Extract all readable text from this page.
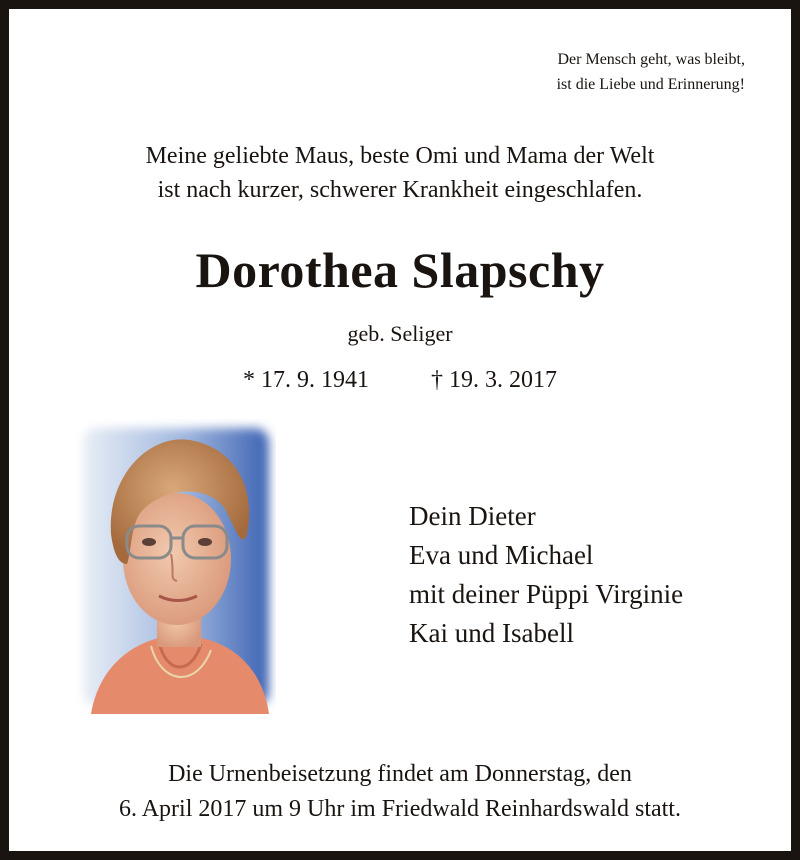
Der Mensch geht, was bleibt,
ist die Liebe und Erinnerung!
Meine geliebte Maus, beste Omi und Mama der Welt
ist nach kurzer, schwerer Krankheit eingeschlafen.
Dorothea Slapschy
geb. Seliger
* 17. 9. 1941	† 19. 3. 2017
Dein Dieter
Eva und Michael
mit deiner Püppi Virginie
Kai und Isabell
Die Urnenbeisetzung findet am Donnerstag, den
6. April 2017 um 9 Uhr im Friedwald Reinhardswald statt.
